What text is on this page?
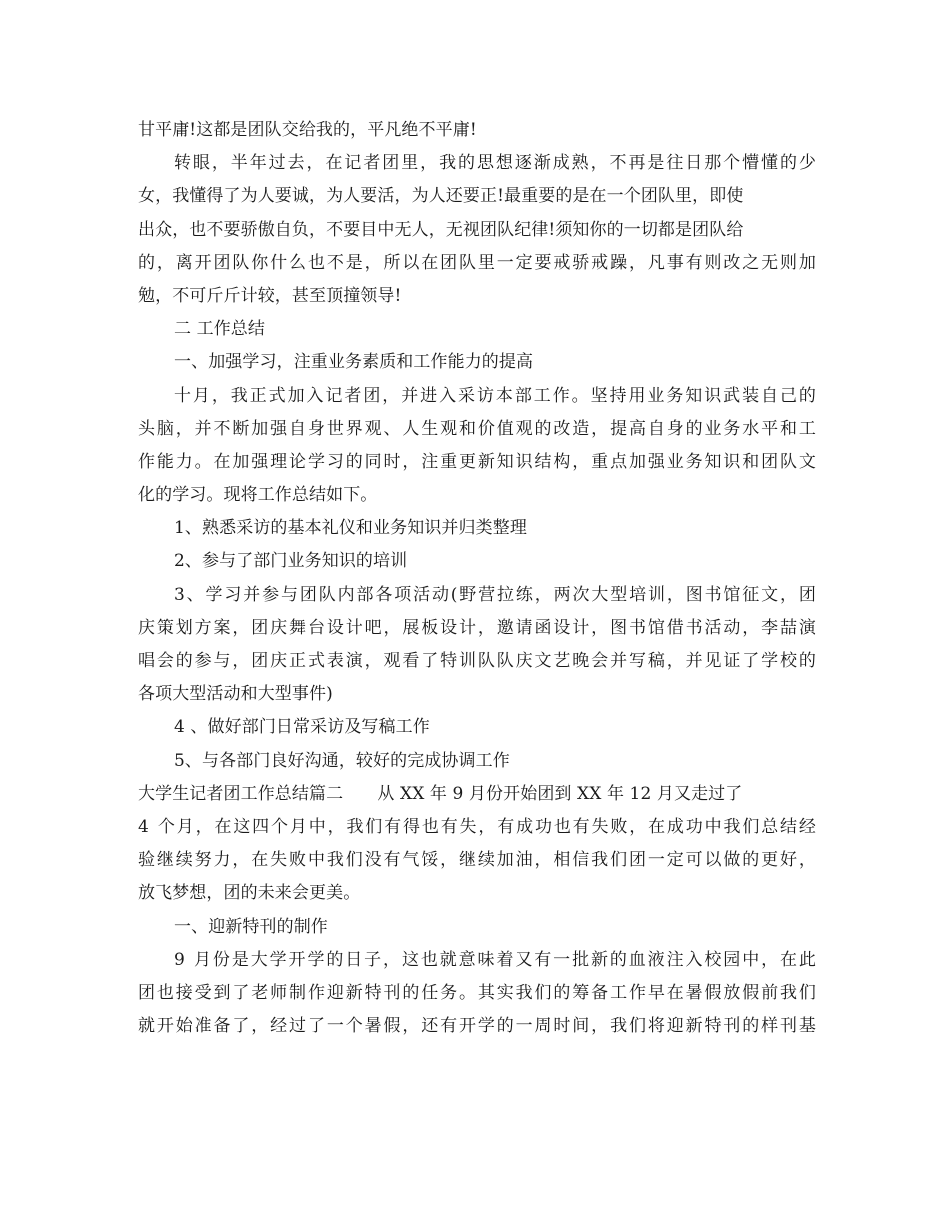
甘平庸!这都是团队交给我的，平凡绝不平庸!
转眼，半年过去，在记者团里，我的思想逐渐成熟，不再是往日那个懵懂的少
女，我懂得了为人要诚，为人要活，为人还要正!最重要的是在一个团队里，即使
出众，也不要骄傲自负，不要目中无人，无视团队纪律!须知你的一切都是团队给
的，离开团队你什么也不是，所以在团队里一定要戒骄戒躁，凡事有则改之无则加
勉，不可斤斤计较，甚至顶撞领导!
二 工作总结
一、加强学习，注重业务素质和工作能力的提高
十月，我正式加入记者团，并进入采访本部工作。坚持用业务知识武装自己的
头脑，并不断加强自身世界观、人生观和价值观的改造，提高自身的业务水平和工
作能力。在加强理论学习的同时，注重更新知识结构，重点加强业务知识和团队文
化的学习。现将工作总结如下。
1、熟悉采访的基本礼仪和业务知识并归类整理
2、参与了部门业务知识的培训
3、学习并参与团队内部各项活动(野营拉练，两次大型培训，图书馆征文，团
庆策划方案，团庆舞台设计吧，展板设计，邀请函设计，图书馆借书活动，李喆演
唱会的参与，团庆正式表演，观看了特训队队庆文艺晚会并写稿，并见证了学校的
各项大型活动和大型事件)
4 、做好部门日常采访及写稿工作
5、与各部门良好沟通，较好的完成协调工作
大学生记者团工作总结篇二　　从 XX 年 9 月份开始团到 XX 年 12 月又走过了
4 个月，在这四个月中，我们有得也有失，有成功也有失败，在成功中我们总结经
验继续努力，在失败中我们没有气馁，继续加油，相信我们团一定可以做的更好，
放飞梦想，团的未来会更美。
一、迎新特刊的制作
9 月份是大学开学的日子，这也就意味着又有一批新的血液注入校园中，在此
团也接受到了老师制作迎新特刊的任务。其实我们的筹备工作早在暑假放假前我们
就开始准备了，经过了一个暑假，还有开学的一周时间，我们将迎新特刊的样刊基
